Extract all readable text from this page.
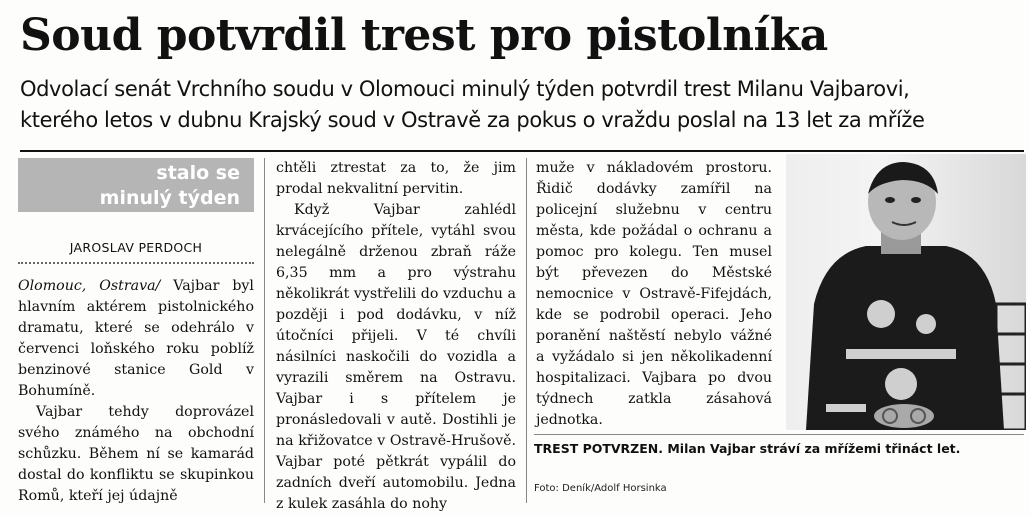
Soud potvrdil trest pro pistolníka
Odvolací senát Vrchního soudu v Olomouci minulý týden potvrdil trest Milanu Vajbarovi,
kterého letos v dubnu Krajský soud v Ostravě za pokus o vraždu poslal na 13 let za mříže
stalo se
minulý týden
JAROSLAV PERDOCH

Olomouc, Ostrava/ Vajbar byl hlavním aktérem pistolnického dramatu, které se odehrálo v červenci loňského roku poblíž benzinové stanice Gold v Bohumíně.

Vajbar tehdy doprovázel svého známého na obchodní schůzku. Během ní se kamarád dostal do konfliktu se skupinkou Romů, kteří jej údajně

chtěli ztrestat za to, že jim prodal nekvalitní pervitin.

Když Vajbar zahlédl krvácejícího přítele, vytáhl svou nelegálně drženou zbraň ráže 6,35 mm a pro výstrahu několikrát vystřelili do vzduchu a později i pod dodávku, v níž útočníci přijeli. V té chvíli násilníci naskočili do vozidla a vyrazili směrem na Ostravu. Vajbar i s přítelem je pronásledovali v autě. Dostihli je na křižovatce v Ostravě-Hrušově. Vajbar poté pětkrát vypálil do zadních dveří automobilu. Jedna z kulek zasáhla do nohy

muže v nákladovém prostoru. Řidič dodávky zamířil na policejní služebnu v centru města, kde požádal o ochranu a pomoc pro kolegu. Ten musel být převezen do Městské nemocnice v Ostravě-Fifejdách, kde se podrobil operaci. Jeho poranění naštěstí nebylo vážné a vyžádalo si jen několikadenní hospitalizaci. Vajbara po dvou týdnech zatkla zásahová jednotka.

TREST POTVRZEN. Milan Vajbar stráví za mřížemi třináct let.
Foto: Deník/Adolf Horsinka
